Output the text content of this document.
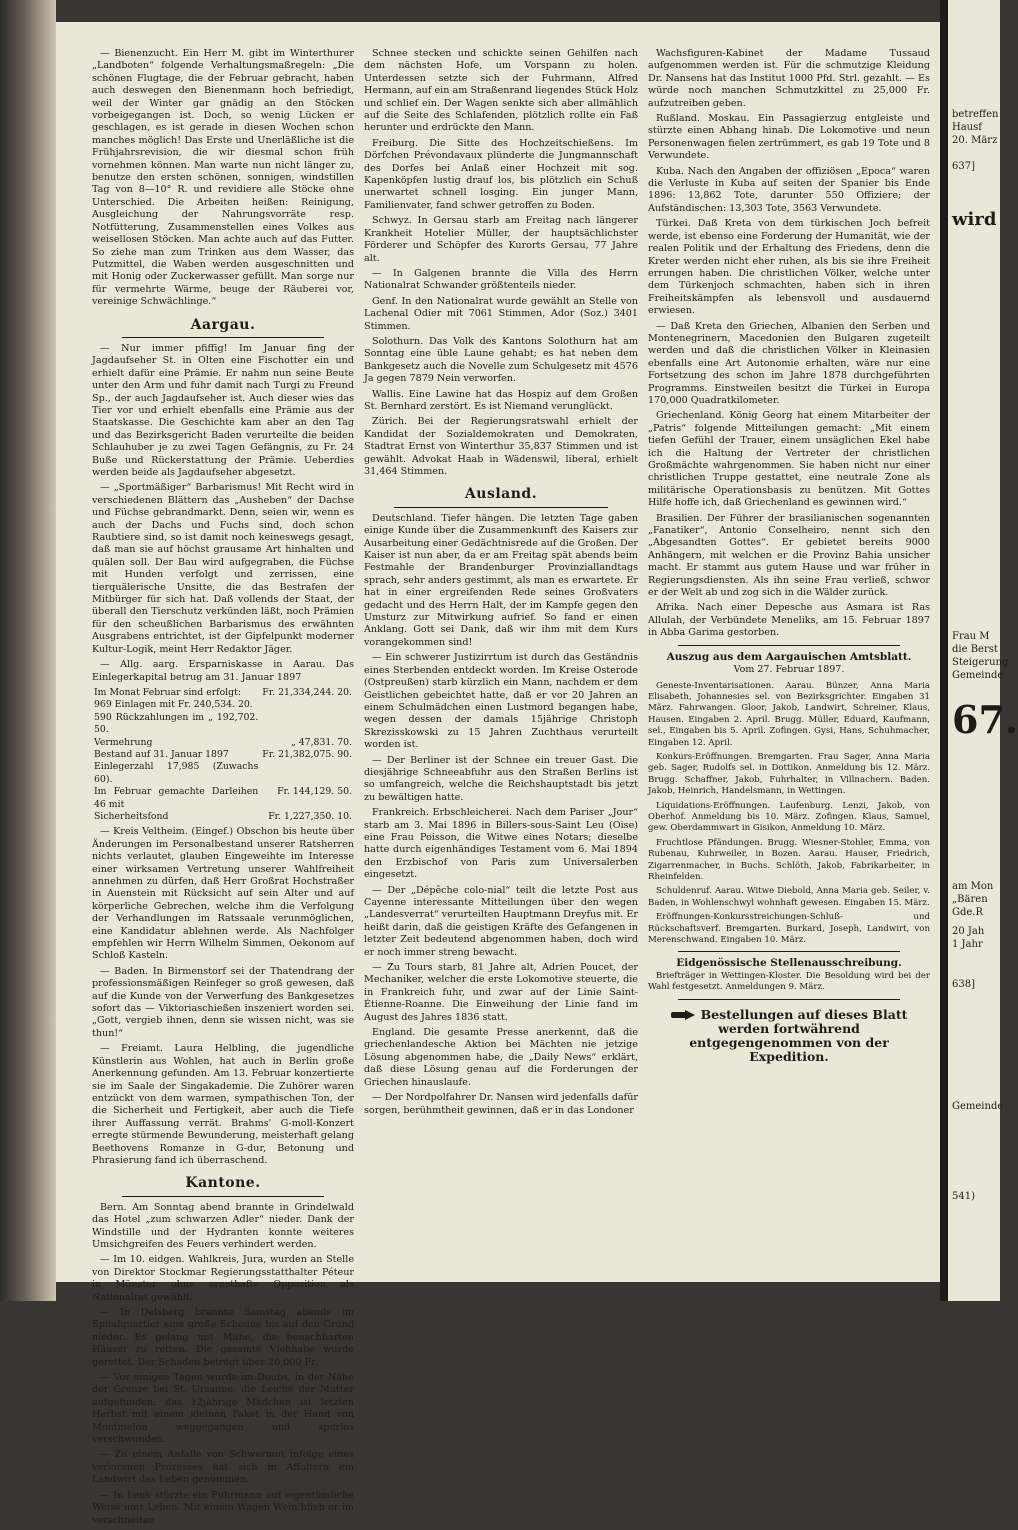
— Bienenzucht. Ein Herr M. gibt im Winterthurer „Landboten“ folgende Verhaltungsmaßregeln: „Die schönen Flugtage, die der Februar gebracht, haben auch deswegen den Bienenmann hoch befriedigt, weil der Winter gar gnädig an den Stöcken vorbeigegangen ist. Doch, so wenig Lücken er geschlagen, es ist gerade in diesen Wochen schon manches möglich! Das Erste und Unerläßliche ist die Frühjahrsrevision, die wir diesmal schon früh vornehmen können. Man warte nun nicht länger zu, benutze den ersten schönen, sonnigen, windstillen Tag von 8—10° R. und revidiere alle Stöcke ohne Unterschied. Die Arbeiten heißen: Reinigung, Ausgleichung der Nahrungsvorräte resp. Notfütterung, Zusammenstellen eines Volkes aus weisellosen Stöcken. Man achte auch auf das Futter. So ziehe man zum Trinken aus dem Wasser, das Putzmittel, die Waben werden ausgeschnitten und mit Honig oder Zuckerwasser gefüllt. Man sorge nur für vermehrte Wärme, beuge der Räuberei vor, vereinige Schwächlinge.“

Aargau.

— Nur immer pfiffig! Im Januar fing der Jagdaufseher St. in Olten eine Fischotter ein und erhielt dafür eine Prämie. Er nahm nun seine Beute unter den Arm und fuhr damit nach Turgi zu Freund Sp., der auch Jagdaufseher ist. Auch dieser wies das Tier vor und erhielt ebenfalls eine Prämie aus der Staatskasse. Die Geschichte kam aber an den Tag und das Bezirksgericht Baden verurteilte die beiden Schlauhuber je zu zwei Tagen Gefängnis, zu Fr. 24 Buße und Rückerstattung der Prämie. Ueberdies werden beide als Jagdaufseher abgesetzt.

— „Sportmäßiger“ Barbarismus! Mit Recht wird in verschiedenen Blättern das „Ausheben“ der Dachse und Füchse gebrandmarkt. Denn, seien wir, wenn es auch der Dachs und Fuchs sind, doch schon Raubtiere sind, so ist damit noch keineswegs gesagt, daß man sie auf höchst grausame Art hinhalten und quälen soll. Der Bau wird aufgegraben, die Füchse mit Hunden verfolgt und zerrissen, eine tierquälerische Unsitte, die das Bestrafen der Mitbürger für sich hat. Daß vollends der Staat, der überall den Tierschutz verkünden läßt, noch Prämien für den scheußlichen Barbarismus des erwähnten Ausgrabens entrichtet, ist der Gipfelpunkt moderner Kultur-Logik, meint Herr Redaktor Jäger.

— Allg. aarg. Ersparniskasse in Aarau. Das Einlegerkapital betrug am 31. Januar 1897

Im Monat Februar sind erfolgt:	Fr. 21,334,244. 20.
969 Einlagen mit Fr. 240,534. 20.	
590 Rückzahlungen im „ 192,702. 50.	
Vermehrung	„ 47,831. 70.
Bestand auf 31. Januar 1897	Fr. 21,382,075. 90.
Einlegerzahl 17,985 (Zuwachs 60).	
Im Februar gemachte Darleihen 46 mit	Fr. 144,129. 50.
Sicherheitsfond	Fr. 1,227,350. 10.

— Kreis Veltheim. (Eingef.) Obschon bis heute über Änderungen im Personalbestand unserer Ratsherren nichts verlautet, glauben Eingeweihte im Interesse einer wirksamen Vertretung unserer Wahlfreiheit annehmen zu dürfen, daß Herr Großrat Hochstraßer in Auenstein mit Rücksicht auf sein Alter und auf körperliche Gebrechen, welche ihm die Verfolgung der Verhandlungen im Ratssaale verunmöglichen, eine Kandidatur ablehnen werde. Als Nachfolger empfehlen wir Herrn Wilhelm Simmen, Oekonom auf Schloß Kasteln.

— Baden. In Birmenstorf sei der Thatendrang der professionsmäßigen Reinfeger so groß gewesen, daß auf die Kunde von der Verwerfung des Bankgesetzes sofort das — Viktoriaschießen inszeniert worden sei. „Gott, vergieb ihnen, denn sie wissen nicht, was sie thun!“

— Freiamt. Laura Helbling, die jugendliche Künstlerin aus Wohlen, hat auch in Berlin große Anerkennung gefunden. Am 13. Februar konzertierte sie im Saale der Singakademie. Die Zuhörer waren entzückt von dem warmen, sympathischen Ton, der die Sicherheit und Fertigkeit, aber auch die Tiefe ihrer Auffassung verrät. Brahms' G-moll-Konzert erregte stürmende Bewunderung, meisterhaft gelang Beethovens Romanze in G-dur, Betonung und Phrasierung fand ich überraschend.

Kantone.

Bern. Am Sonntag abend brannte in Grindelwald das Hotel „zum schwarzen Adler“ nieder. Dank der Windstille und der Hydranten konnte weiteres Umsichgreifen des Feuers verhindert werden.

— Im 10. eidgen. Wahlkreis, Jura, wurden an Stelle von Direktor Stockmar Regierungsstatthalter Péteur in Münster ohne ernsthafte Opposition als Nationalrat gewählt.

— In Delsberg brannte Samstag abends im Spitalquartier eine große Scheune bis auf den Grund nieder. Es gelang mit Mühe, die benachbarten Häuser zu retten. Die gesamte Viehhabe wurde gerettet. Der Schaden beträgt über 20,000 Fr.

— Vor einigen Tagen wurde im Doubs, in der Nähe der Grenze bei St. Ursanne, die Leiche der Mutter aufgefunden; das 12jährige Mädchen ist letzten Herbst mit einem kleinen Paket in der Hand von Montmelon weggegangen und spurlos verschwunden.

— Zu einem Anfalle von Schwermut infolge eines verlorenen Prozesses hat sich in Affoltern ein Landwirt das Leben genommen.

— In Lenk stürzte ein Fuhrmann auf eigentümliche Weise ums Leben. Mit einem Wagen Wein blieb er im verschneiten

Schnee stecken und schickte seinen Gehilfen nach dem nächsten Hofe, um Vorspann zu holen. Unterdessen setzte sich der Fuhrmann, Alfred Hermann, auf ein am Straßenrand liegendes Stück Holz und schlief ein. Der Wagen senkte sich aber allmählich auf die Seite des Schlafenden, plötzlich rollte ein Faß herunter und erdrückte den Mann.

Freiburg. Die Sitte des Hochzeitschießens. Im Dörfchen Prévondavaux plünderte die Jungmannschaft des Dorfes bei Anlaß einer Hochzeit mit sog. Kapenköpfen lustig drauf los, bis plötzlich ein Schuß unerwartet schnell losging. Ein junger Mann, Familienvater, fand schwer getroffen zu Boden.

Schwyz. In Gersau starb am Freitag nach längerer Krankheit Hotelier Müller, der hauptsächlichster Förderer und Schöpfer des Kurorts Gersau, 77 Jahre alt.

— In Galgenen brannte die Villa des Herrn Nationalrat Schwander größtenteils nieder.

Genf. In den Nationalrat wurde gewählt an Stelle von Lachenal Odier mit 7061 Stimmen, Ador (Soz.) 3401 Stimmen.

Solothurn. Das Volk des Kantons Solothurn hat am Sonntag eine üble Laune gehabt; es hat neben dem Bankgesetz auch die Novelle zum Schulgesetz mit 4576 Ja gegen 7879 Nein verworfen.

Wallis. Eine Lawine hat das Hospiz auf dem Großen St. Bernhard zerstört. Es ist Niemand verunglückt.

Zürich. Bei der Regierungsratswahl erhielt der Kandidat der Sozialdemokraten und Demokraten, Stadtrat Ernst von Winterthur 35,837 Stimmen und ist gewählt. Advokat Haab in Wädenswil, liberal, erhielt 31,464 Stimmen.

Ausland.

Deutschland. Tiefer hängen. Die letzten Tage gaben einige Kunde über die Zusammenkunft des Kaisers zur Ausarbeitung einer Gedächtnisrede auf die Großen. Der Kaiser ist nun aber, da er am Freitag spät abends beim Festmahle der Brandenburger Provinziallandtags sprach, sehr anders gestimmt, als man es erwartete. Er hat in einer ergreifenden Rede seines Großvaters gedacht und des Herrn Halt, der im Kampfe gegen den Umsturz zur Mitwirkung aufrief. So fand er einen Anklang. Gott sei Dank, daß wir ihm mit dem Kurs vorangekommen sind!

— Ein schwerer Justizirrtum ist durch das Geständnis eines Sterbenden entdeckt worden. Im Kreise Osterode (Ostpreußen) starb kürzlich ein Mann, nachdem er dem Geistlichen gebeichtet hatte, daß er vor 20 Jahren an einem Schulmädchen einen Lustmord begangen habe, wegen dessen der damals 15jährige Christoph Skrezisskowski zu 15 Jahren Zuchthaus verurteilt worden ist.

— Der Berliner ist der Schnee ein treuer Gast. Die diesjährige Schneeabfuhr aus den Straßen Berlins ist so umfangreich, welche die Reichshauptstadt bis jetzt zu bewältigen hatte.

Frankreich. Erbschleicherei. Nach dem Pariser „Jour“ starb am 3. Mai 1896 in Billers-sous-Saint Leu (Oise) eine Frau Poisson, die Witwe eines Notars; dieselbe hatte durch eigenhändiges Testament vom 6. Mai 1894 den Erzbischof von Paris zum Universalerben eingesetzt.

— Der „Dépêche colo-nial“ teilt die letzte Post aus Cayenne interessante Mitteilungen über den wegen „Landesverrat“ verurteilten Hauptmann Dreyfus mit. Er heißt darin, daß die geistigen Kräfte des Gefangenen in letzter Zeit bedeutend abgenommen haben, doch wird er noch immer streng bewacht.

— Zu Tours starb, 81 Jahre alt, Adrien Poucet, der Mechaniker, welcher die erste Lokomotive steuerte, die in Frankreich fuhr, und zwar auf der Linie Saint-Étienne-Roanne. Die Einweihung der Linie fand im August des Jahres 1836 statt.

England. Die gesamte Presse anerkennt, daß die griechenlandesche Aktion bei Mächten nie jetzige Lösung abgenommen habe, die „Daily News“ erklärt, daß diese Lösung genau auf die Forderungen der Griechen hinauslaufe.

— Der Nordpolfahrer Dr. Nansen wird jedenfalls dafür sorgen, berühmtheit gewinnen, daß er in das Londoner

Wachsfiguren-Kabinet der Madame Tussaud aufgenommen werden ist. Für die schmutzige Kleidung Dr. Nansens hat das Institut 1000 Pfd. Strl. gezahlt. — Es würde noch manchen Schmutzkittel zu 25,000 Fr. aufzutreiben geben.

Rußland. Moskau. Ein Passagierzug entgleiste und stürzte einen Abhang hinab. Die Lokomotive und neun Personenwagen fielen zertrümmert, es gab 19 Tote und 8 Verwundete.

Kuba. Nach den Angaben der offiziösen „Epoca“ waren die Verluste in Kuba auf seiten der Spanier bis Ende 1896: 13,862 Tote, darunter 550 Offiziere; der Aufständischen: 13,303 Tote, 3563 Verwundete.

Türkei. Daß Kreta von dem türkischen Joch befreit werde, ist ebenso eine Forderung der Humanität, wie der realen Politik und der Erhaltung des Friedens, denn die Kreter werden nicht eher ruhen, als bis sie ihre Freiheit errungen haben. Die christlichen Völker, welche unter dem Türkenjoch schmachten, haben sich in ihren Freiheitskämpfen als lebensvoll und ausdauernd erwiesen.

— Daß Kreta den Griechen, Albanien den Serben und Montenegrinern, Macedonien den Bulgaren zugeteilt werden und daß die christlichen Völker in Kleinasien ebenfalls eine Art Autonomie erhalten, wäre nur eine Fortsetzung des schon im Jahre 1878 durchgeführten Programms. Einstweilen besitzt die Türkei in Europa 170,000 Quadratkilometer.

Griechenland. König Georg hat einem Mitarbeiter der „Patris“ folgende Mitteilungen gemacht: „Mit einem tiefen Gefühl der Trauer, einem unsäglichen Ekel habe ich die Haltung der Vertreter der christlichen Großmächte wahrgenommen. Sie haben nicht nur einer christlichen Truppe gestattet, eine neutrale Zone als militärische Operationsbasis zu benützen. Mit Gottes Hilfe hoffe ich, daß Griechenland es gewinnen wird.“

Brasilien. Der Führer der brasilianischen sogenannten „Fanatiker“, Antonio Conselheiro, nennt sich den „Abgesandten Gottes“. Er gebietet bereits 9000 Anhängern, mit welchen er die Provinz Bahia unsicher macht. Er stammt aus gutem Hause und war früher in Regierungsdiensten. Als ihn seine Frau verließ, schwor er der Welt ab und zog sich in die Wälder zurück.

Afrika. Nach einer Depesche aus Asmara ist Ras Allulah, der Verbündete Meneliks, am 15. Februar 1897 in Abba Garima gestorben.

Auszug aus dem Aargauischen Amtsblatt.
Vom 27. Februar 1897.

Geneste-Inventarisationen. Aarau. Bünzer, Anna Maria Elisabeth, Johannesies sel. von Bezirksgrichter. Eingaben 31 März. Fahrwangen. Gloor, Jakob, Landwirt, Schreiner, Klaus, Hausen. Eingaben 2. April. Brugg. Müller, Eduard, Kaufmann, sel., Eingaben bis 5. April. Zofingen. Gysi, Hans, Schuhmacher, Eingaben 12. April.

Konkurs-Eröffnungen. Bremgarten. Frau Sager, Anna Maria geb. Sager, Rudolfs sel. in Dottikon. Anmeldung bis 12. März. Brugg. Schaffner, Jakob, Fuhrhalter, in Villnachern. Baden. Jakob, Heinrich, Handelsmann, in Wettingen.

Liquidations-Eröffnungen. Laufenburg. Lenzi, Jakob, von Oberhof. Anmeldung bis 10. März. Zofingen. Klaus, Samuel, gew. Oberdammwart in Gisikon, Anmeldung 10. März.

Fruchtlose Pfändungen. Brugg. Wiesner-Stohler, Emma, von Rubenau, Kuhrweiler, in Bozen. Aarau. Hauser, Friedrich, Zigarrenmacher, in Buchs. Schlöth, Jakob, Fabrikarbeiter, in Rheinfelden.

Schuldenruf. Aarau. Witwe Diebold, Anna Maria geb. Seiler, v. Baden, in Wohlenschwyl wohnhaft gewesen. Eingaben 15. März.

Eröffnungen-Konkursstreichungen-Schluß- und Rückschaftsverf. Bremgarten. Burkard, Joseph, Landwirt, von Merenschwand. Eingaben 10. März.

Eidgenössische Stellenausschreibung.

Briefträger in Wettingen-Kloster. Die Besoldung wird bei der Wahl festgesetzt. Anmeldungen 9. März.

Bestellungen auf dieses Blatt werden fortwährend entgegengenommen von der Expedition.
betreffen
Hausf
20. März
637]
wird
Frau M
die Berst
Steigerung
Gemeinde
67.
am Mon
„Bären
Gde.R
20 Jah
1 Jahr
638]
Gemeinde
541)
